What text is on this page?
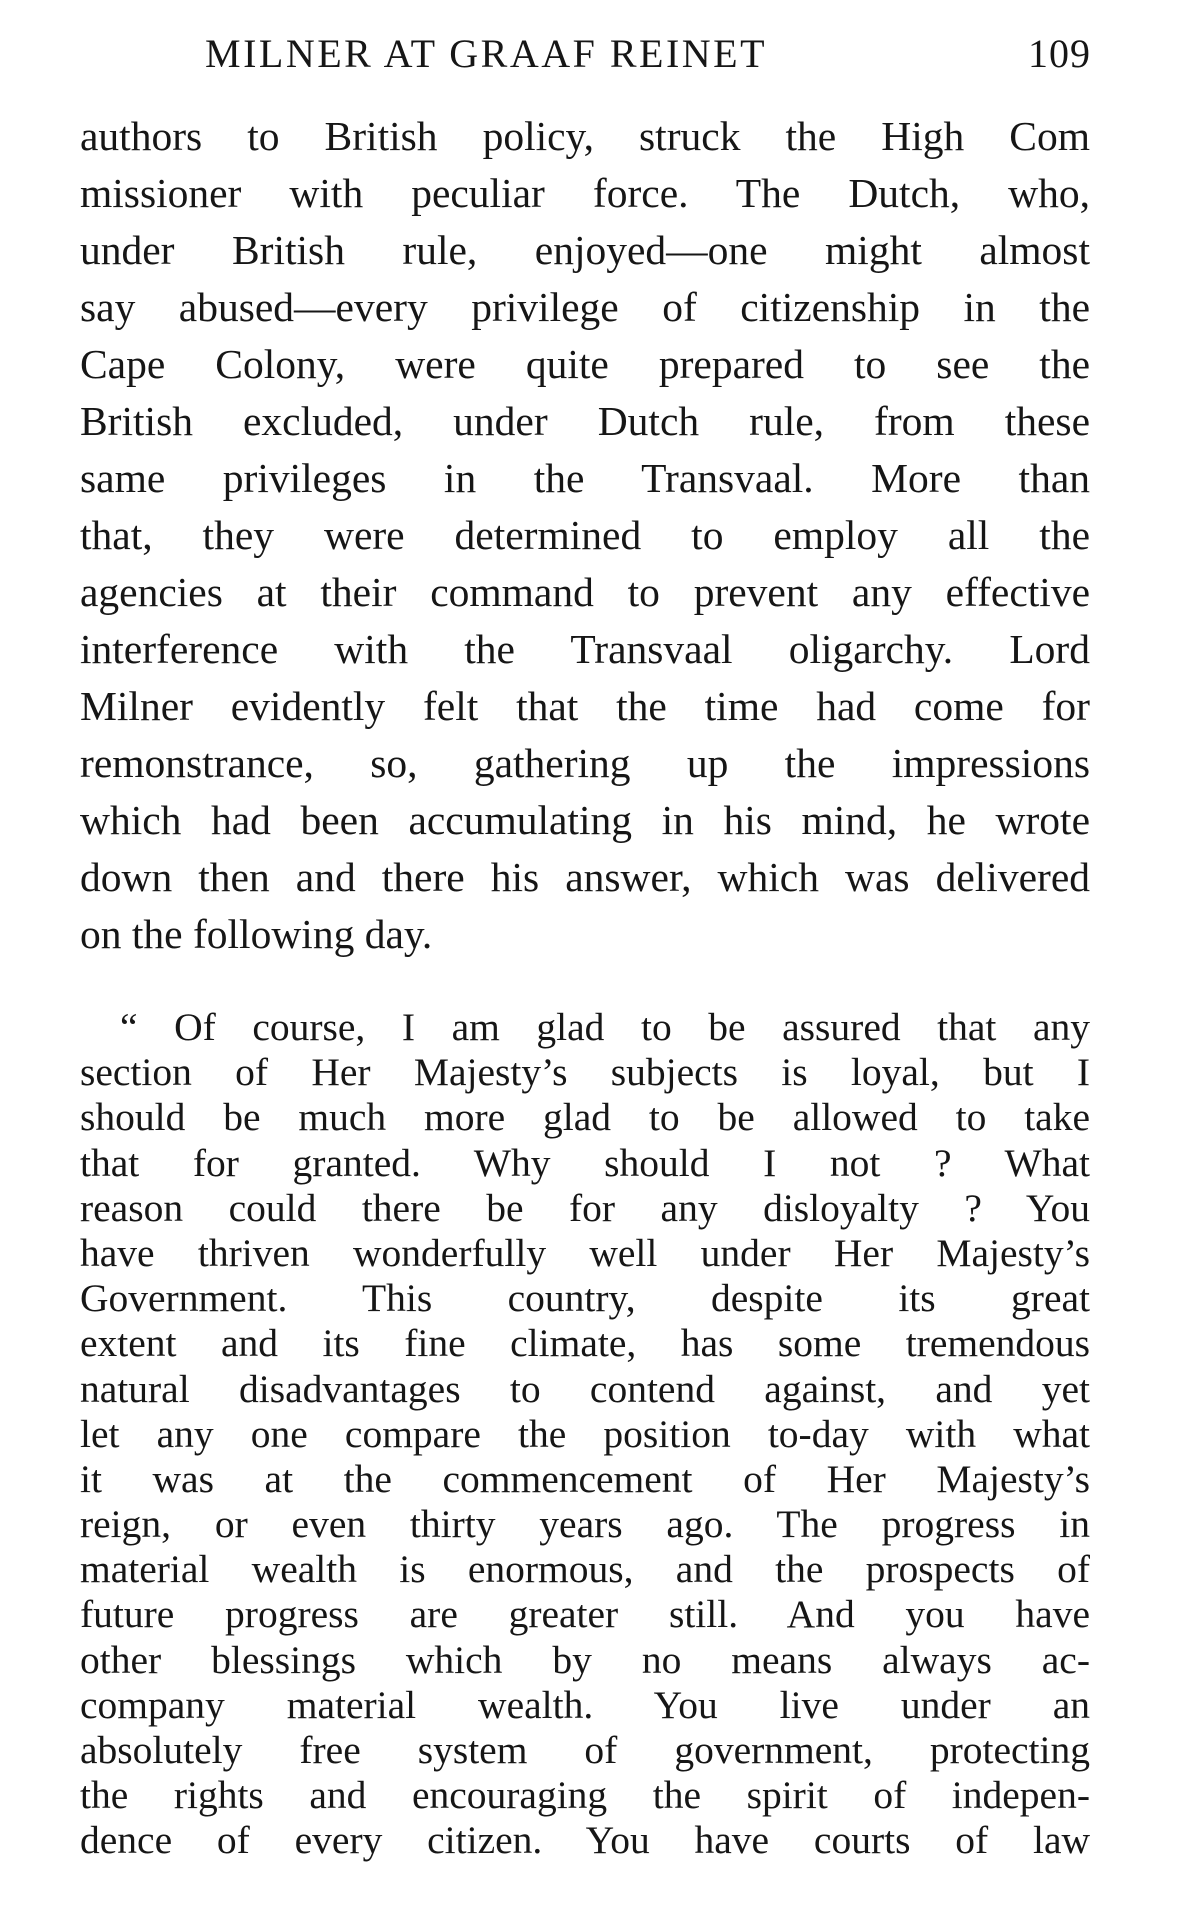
MILNER AT GRAAF REINET	109
authors to British policy, struck the High Com
missioner with peculiar force. The Dutch, who,
under British rule, enjoyed—one might almost
say abused—every privilege of citizenship in the
Cape Colony, were quite prepared to see the
British excluded, under Dutch rule, from these
same privileges in the Transvaal. More than
that, they were determined to employ all the
agencies at their command to prevent any effective
interference with the Transvaal oligarchy. Lord
Milner evidently felt that the time had come for
remonstrance, so, gathering up the impressions
which had been accumulating in his mind, he wrote
down then and there his answer, which was delivered
on the following day.
“ Of course, I am glad to be assured that any
section of Her Majesty’s subjects is loyal, but I
should be much more glad to be allowed to take
that for granted. Why should I not ? What
reason could there be for any disloyalty ? You
have thriven wonderfully well under Her Majesty’s
Government. This country, despite its great
extent and its fine climate, has some tremendous
natural disadvantages to contend against, and yet
let any one compare the position to-day with what
it was at the commencement of Her Majesty’s
reign, or even thirty years ago. The progress in
material wealth is enormous, and the prospects of
future progress are greater still. And you have
other blessings which by no means always ac-
company material wealth. You live under an
absolutely free system of government, protecting
the rights and encouraging the spirit of indepen-
dence of every citizen. You have courts of law
